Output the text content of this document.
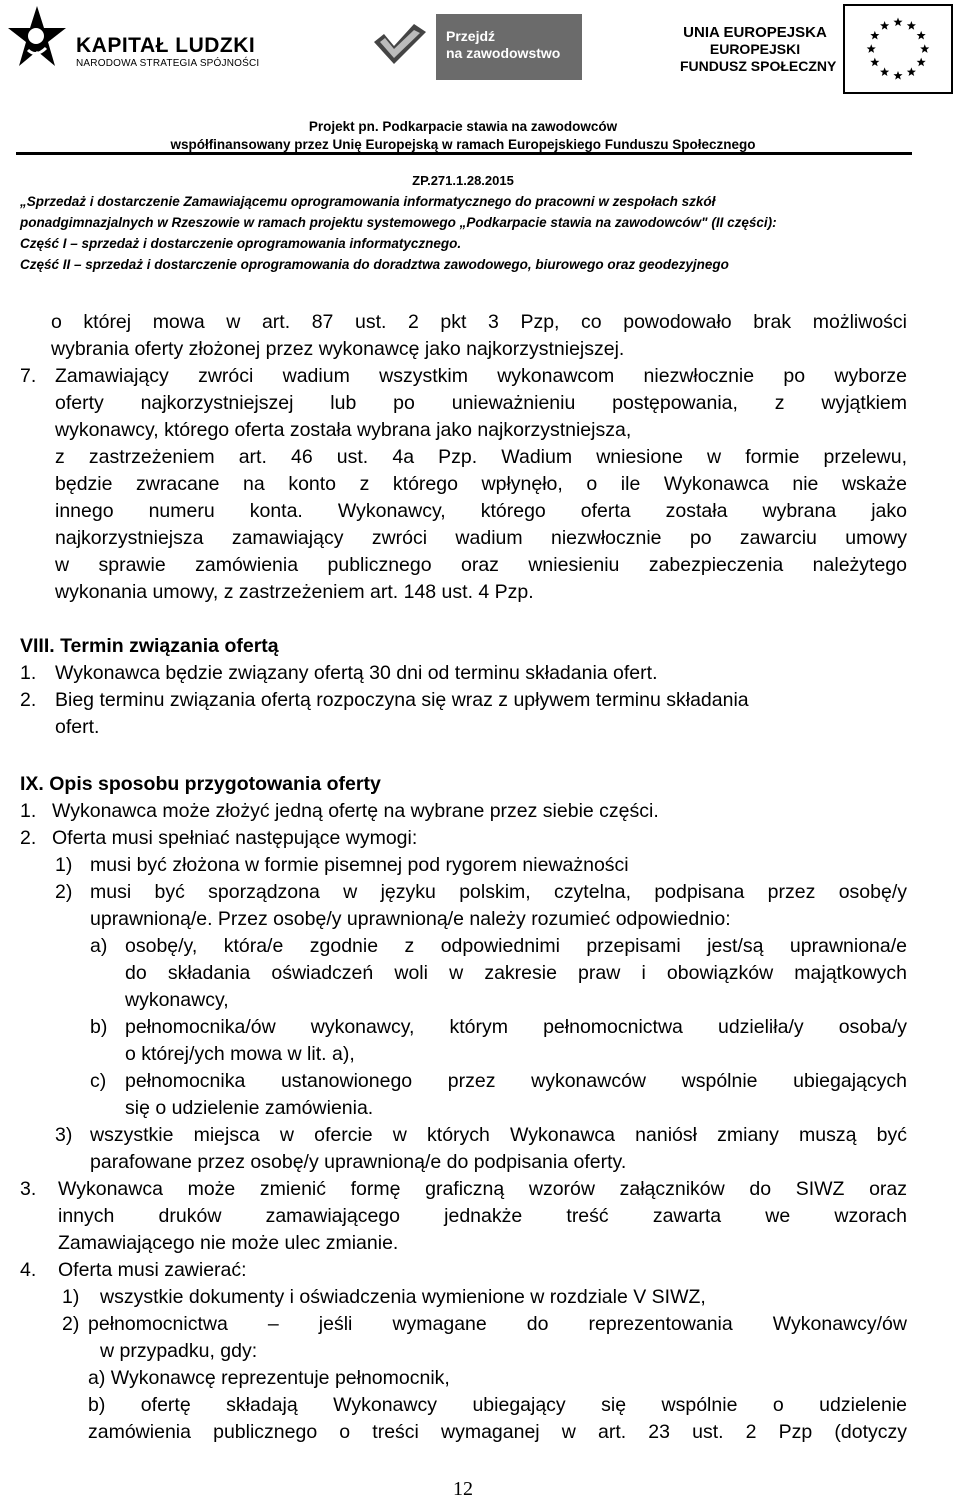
KAPITAŁ LUDZKI
NARODOWA STRATEGIA SPÓJNOŚCI
Przejdź
na zawodowstwo
UNIA EUROPEJSKA
EUROPEJSKI
FUNDUSZ SPOŁECZNY
Projekt pn. Podkarpacie stawia na zawodowców
współfinansowany przez Unię Europejską w ramach Europejskiego Funduszu Społecznego
ZP.271.1.28.2015
„Sprzedaż i dostarczenie Zamawiającemu oprogramowania informatycznego do pracowni w zespołach szkół
ponadgimnazjalnych w Rzeszowie w ramach projektu systemowego „Podkarpacie stawia na zawodowców" (II części):
Część I – sprzedaż i dostarczenie oprogramowania informatycznego.
Część II – sprzedaż i dostarczenie oprogramowania do doradztwa zawodowego, biurowego oraz geodezyjnego
o której mowa w art. 87 ust. 2 pkt 3 Pzp, co powodowało brak możliwości
wybrania oferty złożonej przez wykonawcę jako najkorzystniejszej.
7. Zamawiający zwróci wadium wszystkim wykonawcom niezwłocznie po wyborze
oferty najkorzystniejszej lub po unieważnieniu postępowania, z wyjątkiem
wykonawcy, którego oferta została wybrana jako najkorzystniejsza,
z zastrzeżeniem art. 46 ust. 4a Pzp. Wadium wniesione w formie przelewu,
będzie zwracane na konto z którego wpłynęło, o ile Wykonawca nie wskaże
innego numeru konta. Wykonawcy, którego oferta została wybrana jako
najkorzystniejsza zamawiający zwróci wadium niezwłocznie po zawarciu umowy
w sprawie zamówienia publicznego oraz wniesieniu zabezpieczenia należytego
wykonania umowy, z zastrzeżeniem art. 148 ust. 4 Pzp.
VIII. Termin związania ofertą
1. Wykonawca będzie związany ofertą 30 dni od terminu składania ofert.
2. Bieg terminu związania ofertą rozpoczyna się wraz z upływem terminu składania
ofert.
IX. Opis sposobu przygotowania oferty
1. Wykonawca może złożyć jedną ofertę na wybrane przez siebie części.
2. Oferta musi spełniać następujące wymogi:
1) musi być złożona w formie pisemnej pod rygorem nieważności
2) musi być sporządzona w języku polskim, czytelna, podpisana przez osobę/y
uprawnioną/e. Przez osobę/y uprawnioną/e należy rozumieć odpowiednio:
a) osobę/y, która/e zgodnie z odpowiednimi przepisami jest/są uprawniona/e
do składania oświadczeń woli w zakresie praw i obowiązków majątkowych
wykonawcy,
b) pełnomocnika/ów wykonawcy, którym pełnomocnictwa udzieliła/y osoba/y
o której/ych mowa w lit. a),
c) pełnomocnika ustanowionego przez wykonawców wspólnie ubiegających
się o udzielenie zamówienia.
3) wszystkie miejsca w ofercie w których Wykonawca naniósł zmiany muszą być
parafowane przez osobę/y uprawnioną/e do podpisania oferty.
3. Wykonawca może zmienić formę graficzną wzorów załączników do SIWZ oraz
innych druków zamawiającego jednakże treść zawarta we wzorach
Zamawiającego nie może ulec zmianie.
4. Oferta musi zawierać:
1) wszystkie dokumenty i oświadczenia wymienione w rozdziale V SIWZ,
2) pełnomocnictwa – jeśli wymagane do reprezentowania Wykonawcy/ów
w przypadku, gdy:
a) Wykonawcę reprezentuje pełnomocnik,
b) ofertę składają Wykonawcy ubiegający się wspólnie o udzielenie
zamówienia publicznego o treści wymaganej w art. 23 ust. 2 Pzp (dotyczy
12
